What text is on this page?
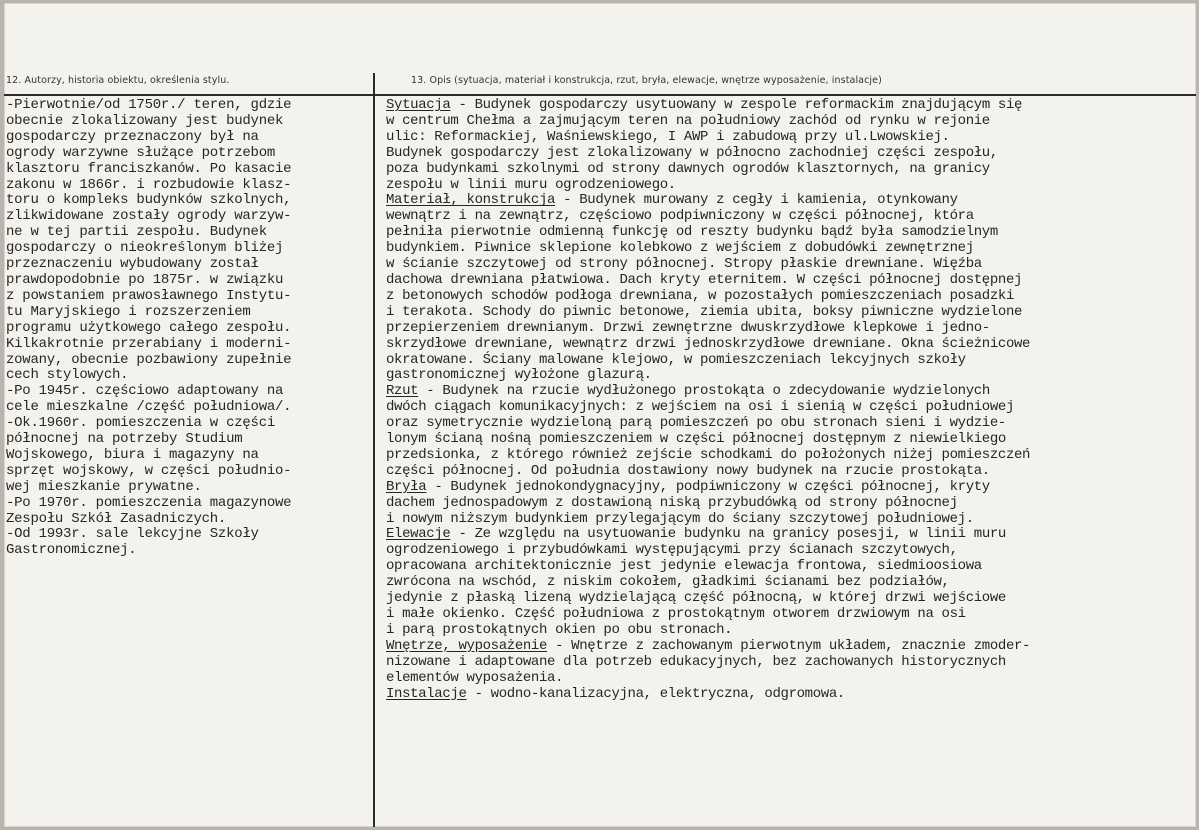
12. Autorzy, historia obiektu, określenia stylu.	13. Opis (sytuacja, materiał i konstrukcja, rzut, bryła, elewacje, wnętrze wyposażenie, instalacje)

-Pierwotnie/od 1750r./ teren, gdzie
obecnie zlokalizowany jest budynek
gospodarczy przeznaczony był na
ogrody warzywne służące potrzebom
klasztoru franciszkanów. Po kasacie
zakonu w 1866r. i rozbudowie klasz-
toru o kompleks budynków szkolnych,
zlikwidowane zostały ogrody warzyw-
ne w tej partii zespołu. Budynek
gospodarczy o nieokreślonym bliżej
przeznaczeniu wybudowany został
prawdopodobnie po 1875r. w związku
z powstaniem prawosławnego Instytu-
tu Maryjskiego i rozszerzeniem
programu użytkowego całego zespołu.
Kilkakrotnie przerabiany i moderni-
zowany, obecnie pozbawiony zupełnie
cech stylowych.

-Po 1945r. częściowo adaptowany na
cele mieszkalne /część południowa/.

-Ok.1960r. pomieszczenia w części
północnej na potrzeby Studium
Wojskowego, biura i magazyny na
sprzęt wojskowy, w części południo-
wej mieszkanie prywatne.

-Po 1970r. pomieszczenia magazynowe
Zespołu Szkół Zasadniczych.

-Od 1993r. sale lekcyjne Szkoły
Gastronomicznej.

Sytuacja - Budynek gospodarczy usytuowany w zespole reformackim znajdującym się
w centrum Chełma a zajmującym teren na południowy zachód od rynku w rejonie
ulic: Reformackiej, Waśniewskiego, I AWP i zabudową przy ul.Lwowskiej.
Budynek gospodarczy jest zlokalizowany w północno zachodniej części zespołu,
poza budynkami szkolnymi od strony dawnych ogrodów klasztornych, na granicy
zespołu w linii muru ogrodzeniowego.

Materiał, konstrukcja - Budynek murowany z cegły i kamienia, otynkowany
wewnątrz i na zewnątrz, częściowo podpiwniczony w części północnej, która
pełniła pierwotnie odmienną funkcję od reszty budynku bądź była samodzielnym
budynkiem. Piwnice sklepione kolebkowo z wejściem z dobudówki zewnętrznej
w ścianie szczytowej od strony północnej. Stropy płaskie drewniane. Więźba
dachowa drewniana płatwiowa. Dach kryty eternitem. W części północnej dostępnej
z betonowych schodów podłoga drewniana, w pozostałych pomieszczeniach posadzki
i terakota. Schody do piwnic betonowe, ziemia ubita, boksy piwniczne wydzielone
przepierzeniem drewnianym. Drzwi zewnętrzne dwuskrzydłowe klepkowe i jedno-
skrzydłowe drewniane, wewnątrz drzwi jednoskrzydłowe drewniane. Okna ścieżnicowe
okratowane. Ściany malowane klejowo, w pomieszczeniach lekcyjnych szkoły
gastronomicznej wyłożone glazurą.

Rzut - Budynek na rzucie wydłużonego prostokąta o zdecydowanie wydzielonych
dwóch ciągach komunikacyjnych: z wejściem na osi i sienią w części południowej
oraz symetrycznie wydzieloną parą pomieszczeń po obu stronach sieni i wydzie-
lonym ścianą nośną pomieszczeniem w części północnej dostępnym z niewielkiego
przedsionka, z którego również zejście schodkami do położonych niżej pomieszczeń
części północnej. Od południa dostawiony nowy budynek na rzucie prostokąta.

Bryła - Budynek jednokondygnacyjny, podpiwniczony w części północnej, kryty
dachem jednospadowym z dostawioną niską przybudówką od strony północnej
i nowym niższym budynkiem przylegającym do ściany szczytowej południowej.

Elewacje - Ze względu na usytuowanie budynku na granicy posesji, w linii muru
ogrodzeniowego i przybudówkami występującymi przy ścianach szczytowych,
opracowana architektonicznie jest jedynie elewacja frontowa, siedmioosiowa
zwrócona na wschód, z niskim cokołem, gładkimi ścianami bez podziałów,
jedynie z płaską lizeną wydzielającą część północną, w której drzwi wejściowe
i małe okienko. Część południowa z prostokątnym otworem drzwiowym na osi
i parą prostokątnych okien po obu stronach.

Wnętrze, wyposażenie - Wnętrze z zachowanym pierwotnym układem, znacznie zmoder-
nizowane i adaptowane dla potrzeb edukacyjnych, bez zachowanych historycznych
elementów wyposażenia.

Instalacje - wodno-kanalizacyjna, elektryczna, odgromowa.
